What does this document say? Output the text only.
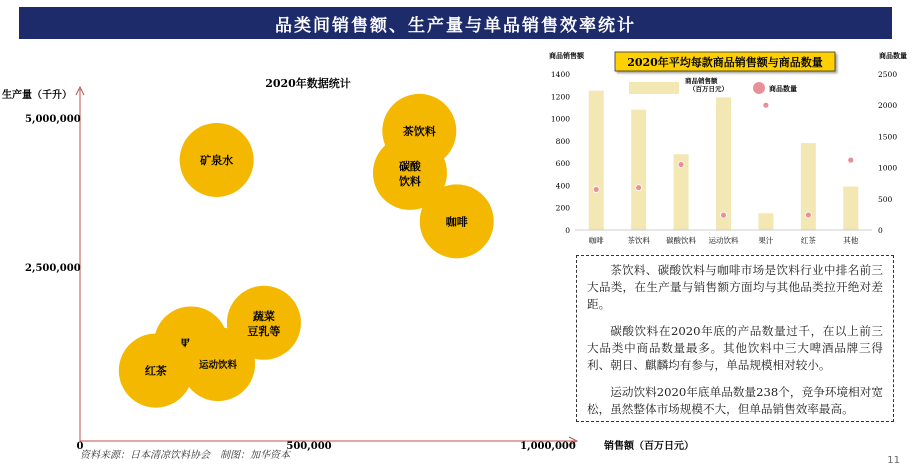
品类间销售额、生产量与单品销售效率统计
生产量（千升）
2020年数据统计
销售额（百万日元）
5,000,000
2,500,000
0	500,000	1,000,000
矿泉水
茶饮料
碳酸饮料
咖啡
蔬菜豆乳等
运动饮料
红茶
商品销售额	商品数量
2020年平均每款商品销售额与商品数量
0
200
400
600
800
1000
1200
1400
0
500
1000
1500
2000
2500
咖啡	茶饮料 碳酸饮料 运动饮料	果汁	红茶	其他
商品销售额 （百万日元）	商品数量

茶饮料、碳酸饮料与咖啡市场是饮料行业中排名前三大品类，在生产量与销售额方面均与其他品类拉开绝对差距。

碳酸饮料在2020年底的产品数量过千，在以上前三大品类中商品数量最多。其他饮料中三大啤酒品牌三得利、朝日、麒麟均有参与，单品规模相对较小。

运动饮料2020年底单品数量238个，竞争环境相对宽松，虽然整体市场规模不大，但单品销售效率最高。

资料来源：日本清凉饮料协会　制图：加华资本	11
